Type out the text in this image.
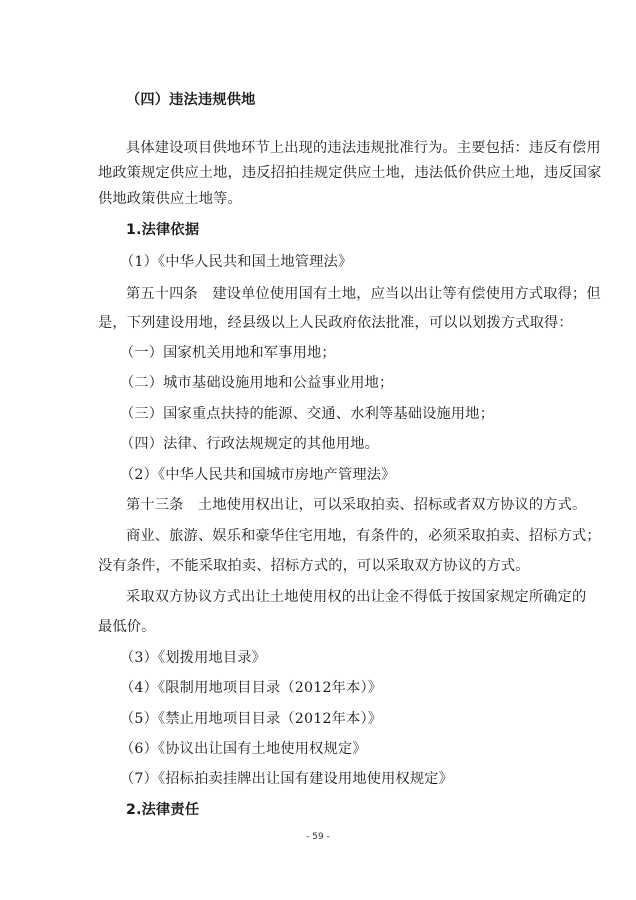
（四）违法违规供地
具体建设项目供地环节上出现的违法违规批准行为。主要包括：违反有偿用
地政策规定供应土地，违反招拍挂规定供应土地，违法低价供应土地，违反国家
供地政策供应土地等。
1.法律依据
（1）《中华人民共和国土地管理法》
第五十四条　建设单位使用国有土地，应当以出让等有偿使用方式取得；但
是，下列建设用地，经县级以上人民政府依法批准，可以以划拨方式取得：
（一）国家机关用地和军事用地；
（二）城市基础设施用地和公益事业用地；
（三）国家重点扶持的能源、交通、水利等基础设施用地；
（四）法律、行政法规规定的其他用地。
（2）《中华人民共和国城市房地产管理法》
第十三条　土地使用权出让，可以采取拍卖、招标或者双方协议的方式。
商业、旅游、娱乐和豪华住宅用地，有条件的，必须采取拍卖、招标方式；
没有条件，不能采取拍卖、招标方式的，可以采取双方协议的方式。
采取双方协议方式出让土地使用权的出让金不得低于按国家规定所确定的
最低价。
（3）《划拨用地目录》
（4）《限制用地项目目录（2012年本）》
（5）《禁止用地项目目录（2012年本）》
（6）《协议出让国有土地使用权规定》
（7）《招标拍卖挂牌出让国有建设用地使用权规定》
2.法律责任
- 59 -
